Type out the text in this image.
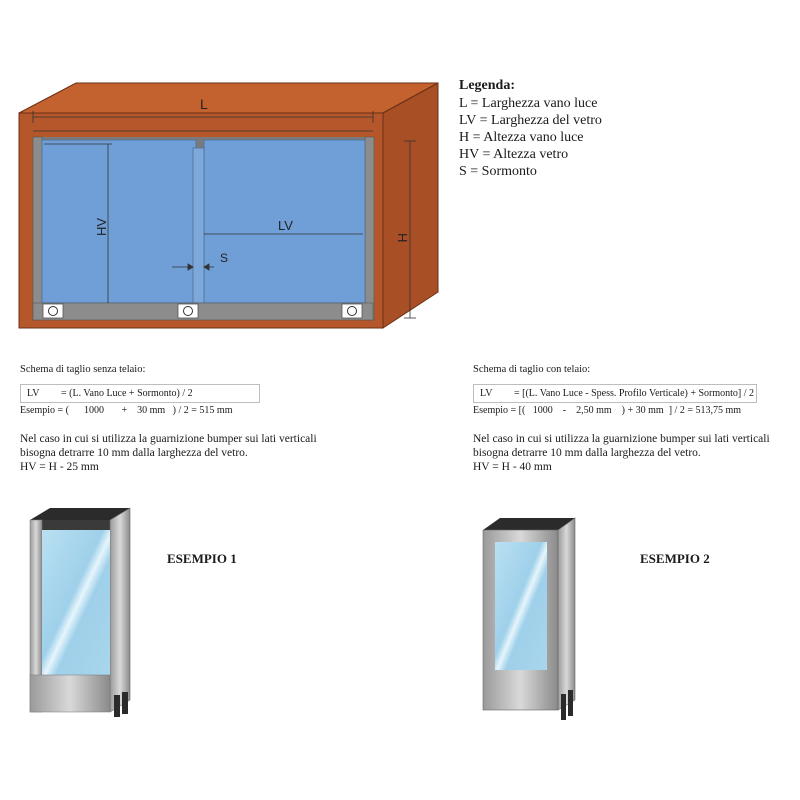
L
HV	LV
S
H
Legenda:
L = Larghezza vano luce
LV = Larghezza del vetro
H = Altezza vano luce
HV = Altezza vetro
S = Sormonto
Schema di taglio senza telaio:
LV = (L. Vano Luce + Sormonto) / 2
Esempio = (      1000       +    30 mm   ) / 2 = 515 mm
Nel caso in cui si utilizza la guarnizione bumper sui lati verticali
bisogna detrarre 10 mm dalla larghezza del vetro.
HV = H - 25 mm
Schema di taglio con telaio:
LV = [(L. Vano Luce - Spess. Profilo Verticale) + Sormonto] / 2
Esempio = [(   1000    -    2,50 mm    ) + 30 mm  ] / 2 = 513,75 mm
Nel caso in cui si utilizza la guarnizione bumper sui lati verticali
bisogna detrarre 10 mm dalla larghezza del vetro.
HV = H - 40 mm
ESEMPIO 1	ESEMPIO 2
